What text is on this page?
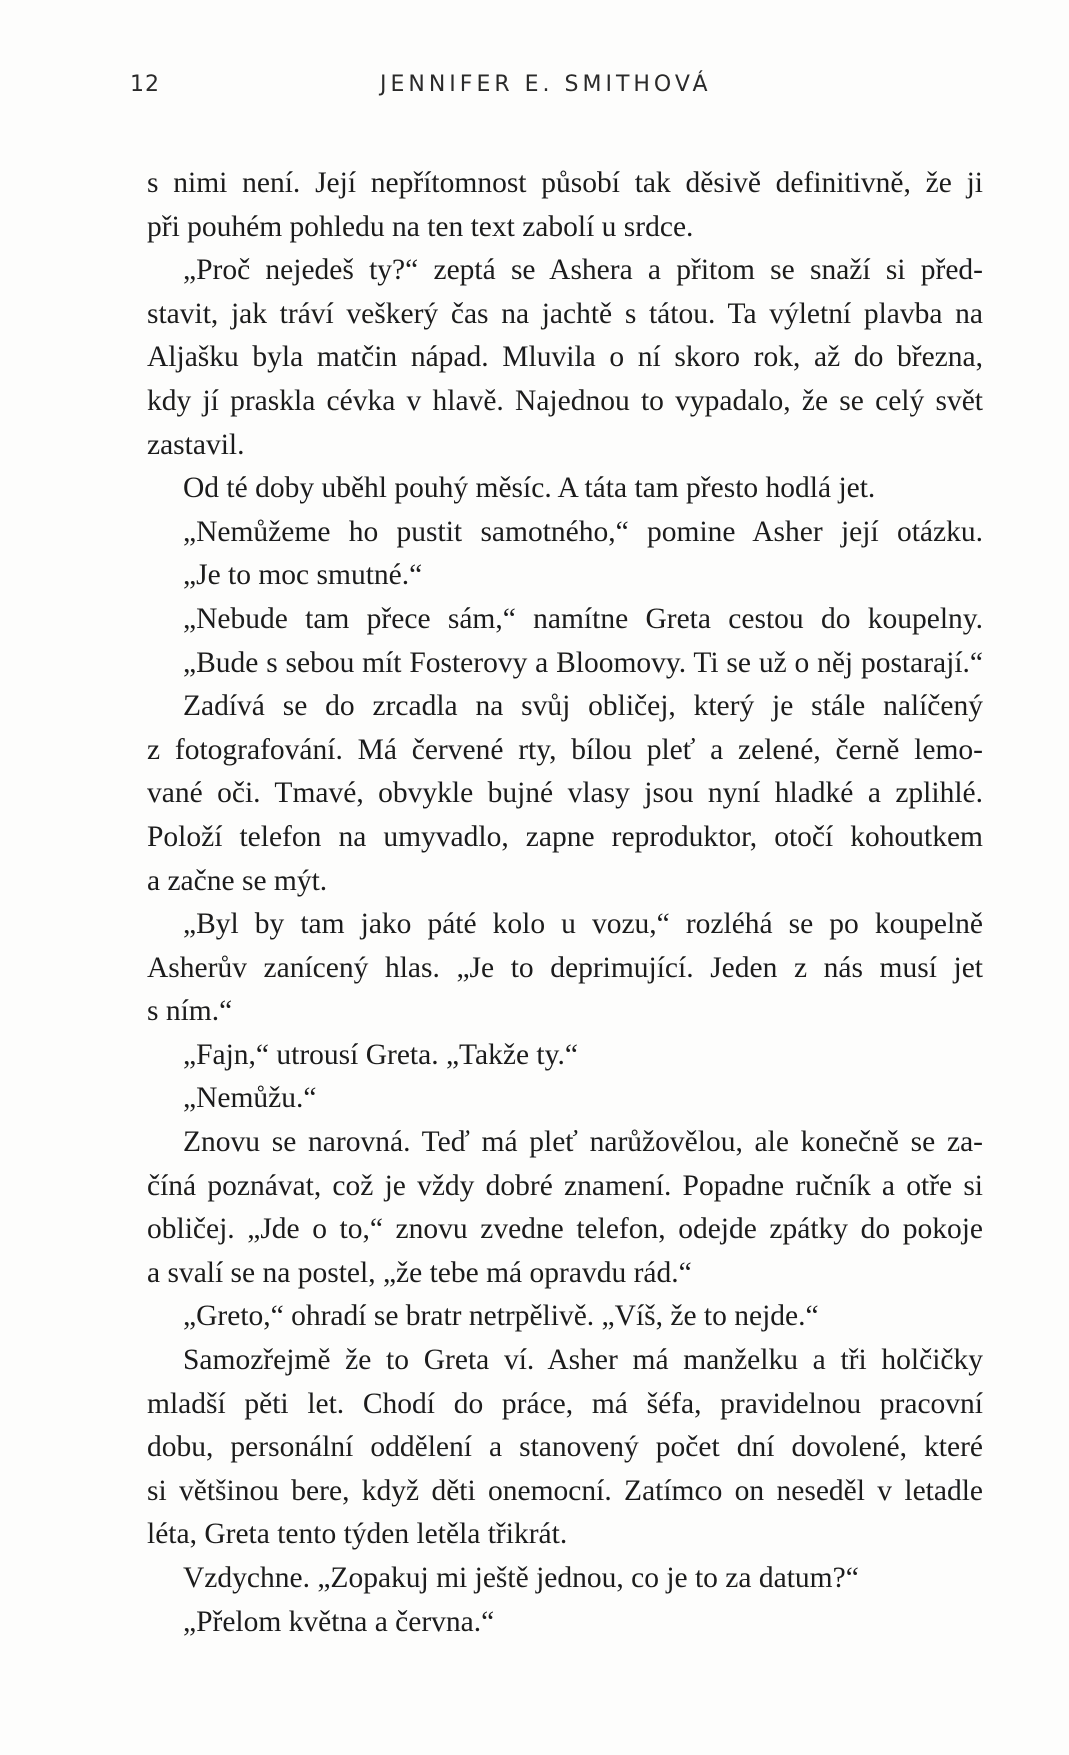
12	JENNIFER E. SMITHOVÁ
s nimi není. Její nepřítomnost působí tak děsivě definitivně, že ji
při pouhém pohledu na ten text zabolí u srdce.
„Proč nejedeš ty?“ zeptá se Ashera a přitom se snaží si před-
stavit, jak tráví veškerý čas na jachtě s tátou. Ta výletní plavba na
Aljašku byla matčin nápad. Mluvila o ní skoro rok, až do března,
kdy jí praskla cévka v hlavě. Najednou to vypadalo, že se celý svět
zastavil.
Od té doby uběhl pouhý měsíc. A táta tam přesto hodlá jet.
„Nemůžeme ho pustit samotného,“ pomine Asher její otázku.
„Je to moc smutné.“
„Nebude tam přece sám,“ namítne Greta cestou do koupelny.
„Bude s sebou mít Fosterovy a Bloomovy. Ti se už o něj postarají.“
Zadívá se do zrcadla na svůj obličej, který je stále nalíčený
z fotografování. Má červené rty, bílou pleť a zelené, černě lemo-
vané oči. Tmavé, obvykle bujné vlasy jsou nyní hladké a zplihlé.
Položí telefon na umyvadlo, zapne reproduktor, otočí kohoutkem
a začne se mýt.
„Byl by tam jako páté kolo u vozu,“ rozléhá se po koupelně
Asherův zanícený hlas. „Je to deprimující. Jeden z nás musí jet
s ním.“
„Fajn,“ utrousí Greta. „Takže ty.“
„Nemůžu.“
Znovu se narovná. Teď má pleť narůžovělou, ale konečně se za-
číná poznávat, což je vždy dobré znamení. Popadne ručník a otře si
obličej. „Jde o to,“ znovu zvedne telefon, odejde zpátky do pokoje
a svalí se na postel, „že tebe má opravdu rád.“
„Greto,“ ohradí se bratr netrpělivě. „Víš, že to nejde.“
Samozřejmě že to Greta ví. Asher má manželku a tři holčičky
mladší pěti let. Chodí do práce, má šéfa, pravidelnou pracovní
dobu, personální oddělení a stanovený počet dní dovolené, které
si většinou bere, když děti onemocní. Zatímco on neseděl v letadle
léta, Greta tento týden letěla třikrát.
Vzdychne. „Zopakuj mi ještě jednou, co je to za datum?“
„Přelom května a června.“
